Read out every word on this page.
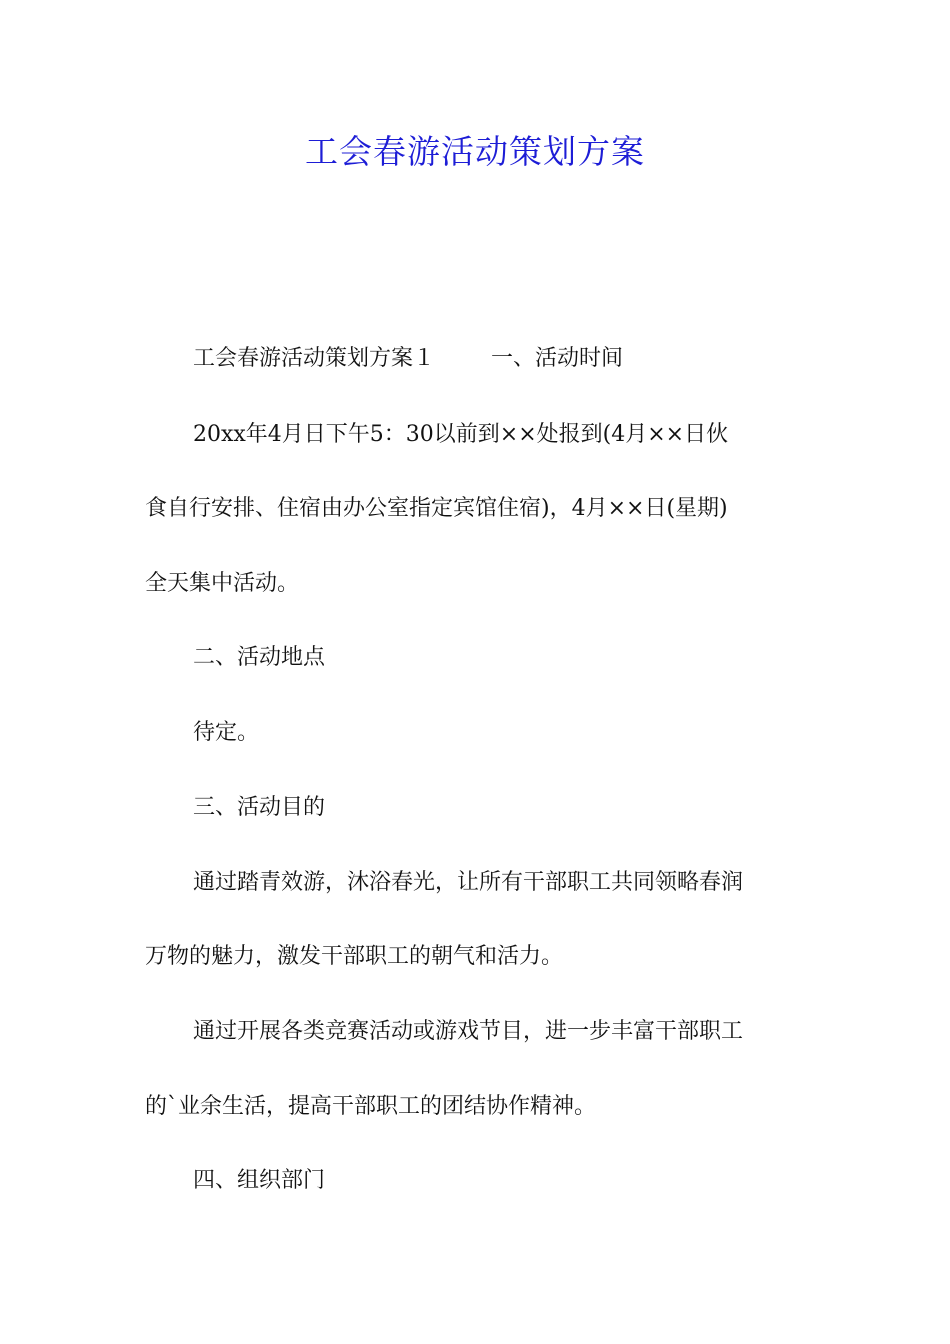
工会春游活动策划方案
工会春游活动策划方案１	一、活动时间
20xx年4月日下午5：30以前到××处报到(4月××日伙
食自行安排、住宿由办公室指定宾馆住宿)，4月××日(星期)
全天集中活动。
二、活动地点
待定。
三、活动目的
通过踏青效游，沐浴春光，让所有干部职工共同领略春润
万物的魅力，激发干部职工的朝气和活力。
通过开展各类竞赛活动或游戏节目，进一步丰富干部职工
的`业余生活，提高干部职工的团结协作精神。
四、组织部门
